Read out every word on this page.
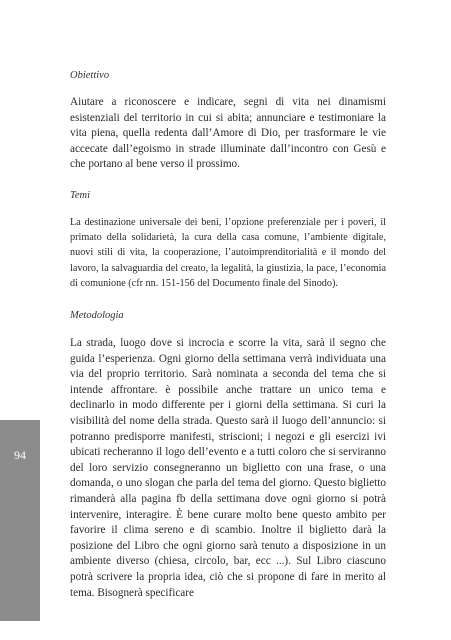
Obiettivo

Aiutare a riconoscere e indicare, segni di vita nei dinamismi esistenziali del territorio in cui si abita; annunciare e testimoniare la vita piena, quella redenta dall’Amore di Dio, per trasformare le vie accecate dall’egoismo in strade illuminate dall’incontro con Gesù e che portano al bene verso il prossimo.

Temi

La destinazione universale dei beni, l’opzione preferenziale per i poveri, il primato della solidarietà, la cura della casa comune, l’ambiente digitale, nuovi stili di vita, la cooperazione, l’autoimprenditorialità e il mondo del lavoro, la salvaguardia del creato, la legalità, la giustizia, la pace, l’economia di comunione (cfr nn. 151-156 del Documento finale del Sinodo).

Metodologia

La strada, luogo dove si incrocia e scorre la vita, sarà il segno che guida l’esperienza. Ogni giorno della settimana verrà individuata una via del proprio territorio. Sarà nominata a seconda del tema che si intende affrontare. è possibile anche trattare un unico tema e declinarlo in modo differente per i giorni della settimana. Si curi la visibilità del nome della strada. Questo sarà il luogo dell’annuncio: si potranno predisporre manifesti, striscioni; i negozi e gli esercizi ivi ubicati recheranno il logo dell’evento e a tutti coloro che si serviranno del loro servizio consegneranno un biglietto con una frase, o una domanda, o uno slogan che parla del tema del giorno. Questo biglietto rimanderà alla pagina fb della settimana dove ogni giorno si potrà intervenire, interagire. È bene curare molto bene questo ambito per favorire il clima sereno e di scambio. Inoltre il biglietto darà la posizione del Libro che ogni giorno sarà tenuto a disposizione in un ambiente diverso (chiesa, circolo, bar, ecc ...). Sul Libro ciascuno potrà scrivere la propria idea, ciò che si propone di fare in merito al tema. Bisognerà specificare

94
